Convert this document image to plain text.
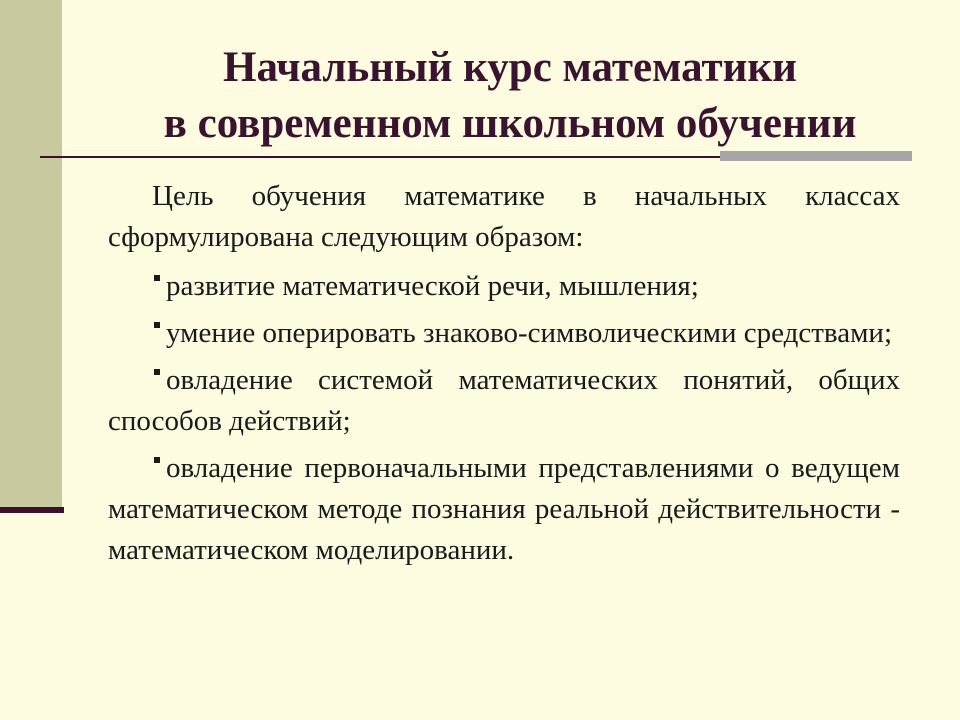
Начальный курс математики
в современном школьном обучении

Цель обучения математике в начальных классах сформулирована следующим образом:

развитие математической речи, мышления;

умение оперировать знаково-символическими средствами;

овладение системой математических понятий, общих способов действий;

овладение первоначальными представлениями о ведущем математическом методе познания реальной действительности - математическом моделировании.
